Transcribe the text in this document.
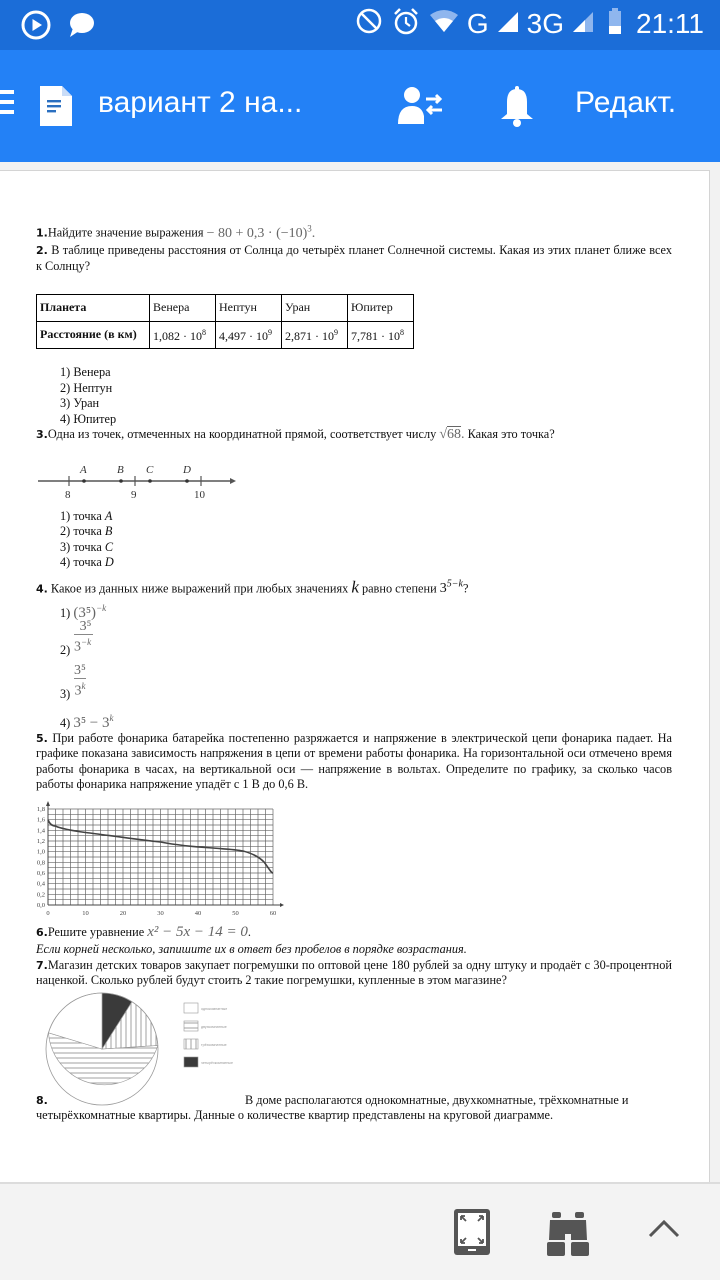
G 3G	21:11
вариант 2 на...	Редакт.
1.Найдите значение выражения − $80 + 0,3 \cdot (-10)^3$.
2. В таблице приведены расстояния от Солнца до четырёх планет Солнечной системы. Какая из этих планет ближе всех к Солнцу?
Планета	Венера	Нептун	Уран	Юпитер
Расстояние (в км)	$1,082 \cdot 10^8$	$4,497 \cdot 10^9$	$2,871 \cdot 10^9$	$7,781 \cdot 10^8$
1) Венера
2) Нептун
3) Уран
4) Юпитер
3.Одна из точек, отмеченных на координатной прямой, соответствует числу √68. Какая это точка?
A	B C	D
8	9	10
1) точка A
2) точка B
3) точка C
4) точка D
4. Какое из данных ниже выражений при любых значениях k равно степени $3^{5-k}$?
1) $(3^5)^{-k}$
2)
3⁵
$3^{-k}$
3)
3⁵
3$^k$
4) $3^5 - 3^k$
5. При работе фонарика батарейка постепенно разряжается и напряжение в электрической цепи фонарика падает. На графике показана зависимость напряжения в цепи от времени работы фонарика. На горизонтальной оси отмечено время работы фонарика в часах, на вертикальной оси — напряжение в вольтах. Определите по графику, за сколько часов работы фонарика напряжение упадёт с 1 В до 0,6 В.
1,8
1,6
1,4
1,2
1,0
0,8
0,6
0,4
0,2
0,0
0	10	20	30	40	50	60
6.Решите уравнение x² − 5x − 14 = 0.
Если корней несколько, запишите их в ответ без пробелов в порядке возрастания.
7.Магазин детских товаров закупает погремушки по оптовой цене 180 рублей за одну штуку и продаёт с 30-процентной наценкой. Сколько рублей будут стоить 2 такие погремушки, купленные в этом магазине?
однокомнатные
двухкомнатные
трёхкомнатные
четырёхкомнатные
8.	В доме располагаются однокомнатные, двухкомнатные, трёхкомнатные и
четырёхкомнатные квартиры. Данные о количестве квартир представлены на круговой диаграмме.
